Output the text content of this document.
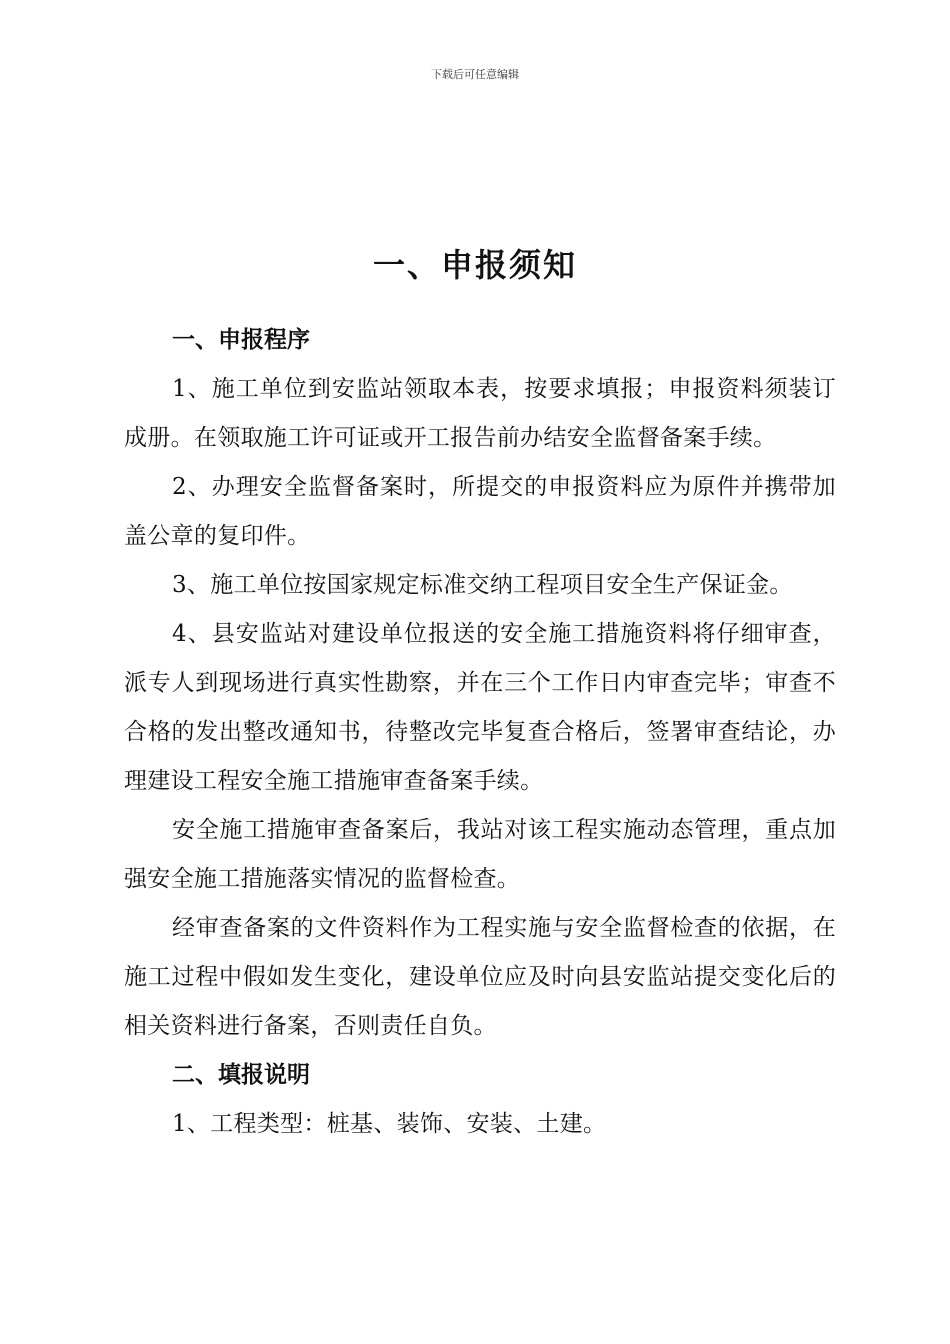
下载后可任意编辑
一、申报须知
一、申报程序

1、施工单位到安监站领取本表，按要求填报；申报资料须装订成册。在领取施工许可证或开工报告前办结安全监督备案手续。

2、办理安全监督备案时，所提交的申报资料应为原件并携带加盖公章的复印件。

3、施工单位按国家规定标准交纳工程项目安全生产保证金。

4、县安监站对建设单位报送的安全施工措施资料将仔细审查，派专人到现场进行真实性勘察，并在三个工作日内审查完毕；审查不合格的发出整改通知书，待整改完毕复查合格后，签署审查结论，办理建设工程安全施工措施审查备案手续。

安全施工措施审查备案后，我站对该工程实施动态管理，重点加强安全施工措施落实情况的监督检查。

经审查备案的文件资料作为工程实施与安全监督检查的依据，在施工过程中假如发生变化，建设单位应及时向县安监站提交变化后的相关资料进行备案，否则责任自负。

二、填报说明

1、工程类型：桩基、装饰、安装、土建。
